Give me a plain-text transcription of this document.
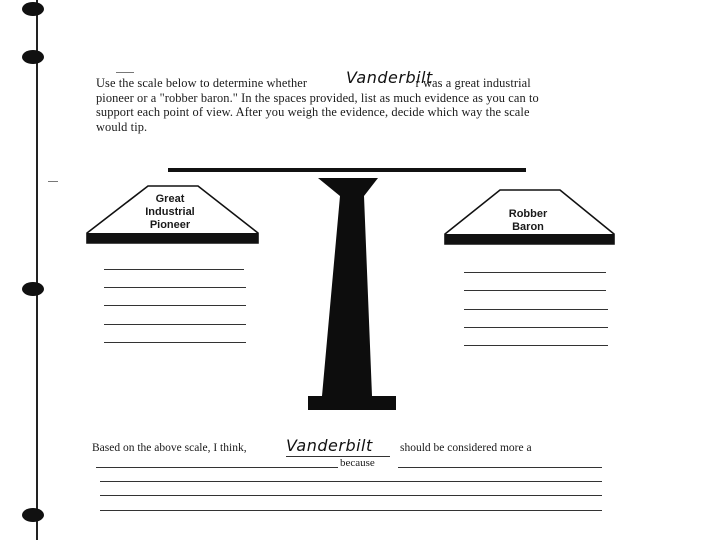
Use the scale below to determine whether	r was a great industrial
pioneer or a "robber baron." In the spaces provided, list as much evidence as you can to
support each point of view. After you weigh the evidence, decide which way the scale
would tip.
Vanderbilt
Great
Industrial
Pioneer
Robber
Baron
Based on the above scale, I think, Vanderbilt should be considered more a
because
